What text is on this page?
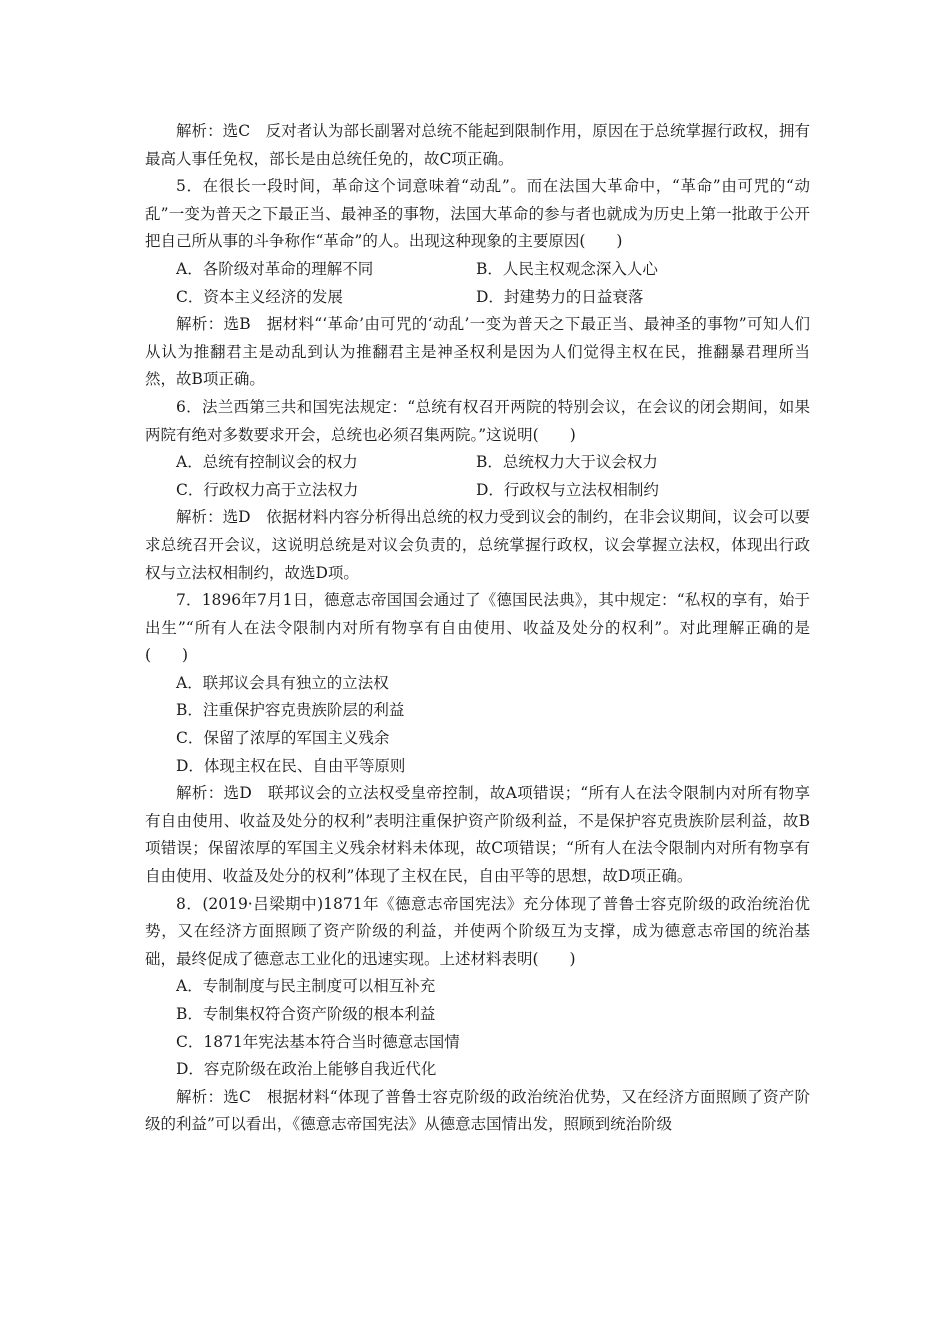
解析：选C　反对者认为部长副署对总统不能起到限制作用，原因在于总统掌握行政权，拥有最高人事任免权，部长是由总统任免的，故C项正确。

5．在很长一段时间，革命这个词意味着“动乱”。而在法国大革命中，“革命”由可咒的“动乱”一变为普天之下最正当、最神圣的事物，法国大革命的参与者也就成为历史上第一批敢于公开把自己所从事的斗争称作“革命”的人。出现这种现象的主要原因(　　)

A．各阶级对革命的理解不同	B．人民主权观念深入人心
C．资本主义经济的发展	D．封建势力的日益衰落

解析：选B　据材料“‘革命’由可咒的‘动乱’一变为普天之下最正当、最神圣的事物”可知人们从认为推翻君主是动乱到认为推翻君主是神圣权利是因为人们觉得主权在民，推翻暴君理所当然，故B项正确。

6．法兰西第三共和国宪法规定：“总统有权召开两院的特别会议，在会议的闭会期间，如果两院有绝对多数要求开会，总统也必须召集两院。”这说明(　　)

A．总统有控制议会的权力	B．总统权力大于议会权力
C．行政权力高于立法权力	D．行政权与立法权相制约

解析：选D　依据材料内容分析得出总统的权力受到议会的制约，在非会议期间，议会可以要求总统召开会议，这说明总统是对议会负责的，总统掌握行政权，议会掌握立法权，体现出行政权与立法权相制约，故选D项。

7．1896年7月1日，德意志帝国国会通过了《德国民法典》，其中规定：“私权的享有，始于出生”“所有人在法令限制内对所有物享有自由使用、收益及处分的权利”。对此理解正确的是(　　)

A．联邦议会具有独立的立法权

B．注重保护容克贵族阶层的利益

C．保留了浓厚的军国主义残余

D．体现主权在民、自由平等原则

解析：选D　联邦议会的立法权受皇帝控制，故A项错误；“所有人在法令限制内对所有物享有自由使用、收益及处分的权利”表明注重保护资产阶级利益，不是保护容克贵族阶层利益，故B项错误；保留浓厚的军国主义残余材料未体现，故C项错误；“所有人在法令限制内对所有物享有自由使用、收益及处分的权利”体现了主权在民，自由平等的思想，故D项正确。

8．(2019·吕梁期中)1871年《德意志帝国宪法》充分体现了普鲁士容克阶级的政治统治优势，又在经济方面照顾了资产阶级的利益，并使两个阶级互为支撑，成为德意志帝国的统治基础，最终促成了德意志工业化的迅速实现。上述材料表明(　　)

A．专制制度与民主制度可以相互补充

B．专制集权符合资产阶级的根本利益

C．1871年宪法基本符合当时德意志国情

D．容克阶级在政治上能够自我近代化

解析：选C　根据材料“体现了普鲁士容克阶级的政治统治优势，又在经济方面照顾了资产阶级的利益”可以看出，《德意志帝国宪法》从德意志国情出发，照顾到统治阶级
